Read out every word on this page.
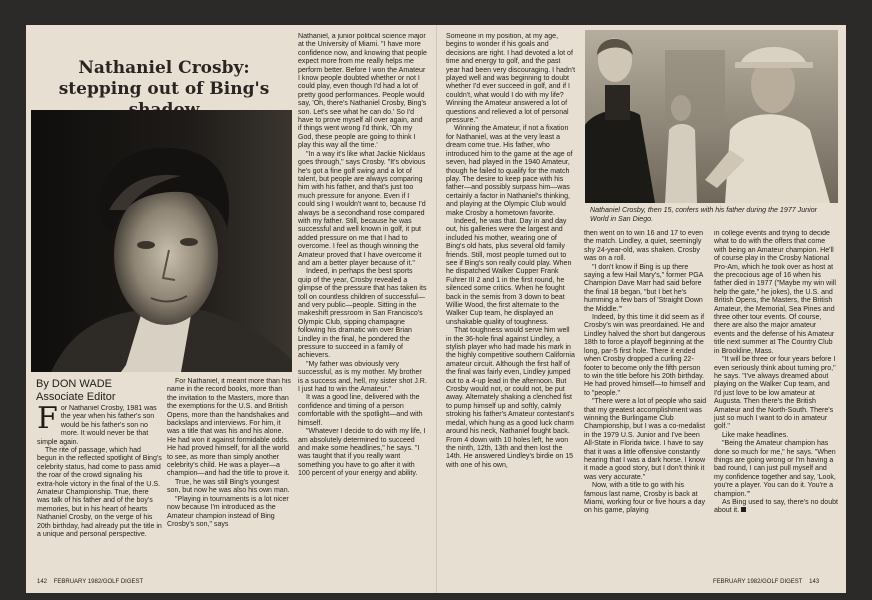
Nathaniel Crosby:
stepping out of Bing's
Nathaniel Crosby, then 15, confers with his father during the 1977 Junior World in San Diego.
By DON WADE
Associate Editor
F or Nathaniel Crosby, 1981 was the year when his father's son would be his father's son no more. It would never be that simple again.

The rite of passage, which had begun in the reflected spotlight of Bing's celebrity status, had come to pass amid the roar of the crowd signaling his extra-hole victory in the final of the U.S. Amateur Championship. True, there was talk of his father and of the boy's memories, but in his heart of hearts Nathaniel Crosby, on the verge of his 20th birthday, had already put the title in a unique and personal perspective.

For Nathaniel, it meant more than his name in the record books, more than the invitation to the Masters, more than the exemptions for the U.S. and British Opens, more than the handshakes and backslaps and interviews. For him, it was a title that was his and his alone. He had won it against formidable odds. He had proved himself, for all the world to see, as more than simply another celebrity's child. He was a player—a champion—and had the title to prove it.

True, he was still Bing's youngest son, but now he was also his own man.

"Playing in tournaments is a lot nicer now because I'm introduced as the Amateur champion instead of Bing Crosby's son," says

Nathaniel, a junior political science major at the University of Miami. "I have more confidence now, and knowing that people expect more from me really helps me perform better. Before I won the Amateur I know people doubted whether or not I could play, even though I'd had a lot of pretty good performances. People would say, 'Oh, there's Nathaniel Crosby, Bing's son. Let's see what he can do.' So I'd have to prove myself all over again, and if things went wrong I'd think, 'Oh my God, these people are going to think I play this way all the time.'

"In a way it's like what Jackie Nicklaus goes through," says Crosby. "It's obvious he's got a fine golf swing and a lot of talent, but people are always comparing him with his father, and that's just too much pressure for anyone. Even if I could sing I wouldn't want to, because I'd always be a secondhand rose compared with my father. Still, because he was successful and well known in golf, it put added pressure on me that I had to overcome. I feel as though winning the Amateur proved that I have overcome it and am a better player because of it."

Indeed, in perhaps the best sports quip of the year, Crosby revealed a glimpse of the pressure that has taken its toll on countless children of successful—and very public—people. Sitting in the makeshift pressroom in San Francisco's Olympic Club, sipping champagne following his dramatic win over Brian Lindley in the final, he pondered the pressure to succeed in a family of achievers.

"My father was obviously very successful, as is my mother. My brother is a success and, hell, my sister shot J.R. I just had to win the Amateur."

It was a good line, delivered with the confidence and timing of a person comfortable with the spotlight—and with himself.

"Whatever I decide to do with my life, I am absolutely determined to succeed and make some headlines," he says. "I was taught that if you really want something you have to go after it with 100 percent of your energy and ability.

Someone in my position, at my age, begins to wonder if his goals and decisions are right. I had devoted a lot of time and energy to golf, and the past year had been very discouraging. I hadn't played well and was beginning to doubt whether I'd ever succeed in golf, and if I couldn't, what would I do with my life? Winning the Amateur answered a lot of questions and relieved a lot of personal pressure."

Winning the Amateur, if not a fixation for Nathaniel, was at the very least a dream come true. His father, who introduced him to the game at the age of seven, had played in the 1940 Amateur, though he failed to qualify for the match play. The desire to keep pace with his father—and possibly surpass him—was certainly a factor in Nathaniel's thinking, and playing at the Olympic Club would make Crosby a hometown favorite.

Indeed, he was that. Day in and day out, his galleries were the largest and included his mother, wearing one of Bing's old hats, plus several old family friends. Still, most people turned out to see if Bing's son really could play. When he dispatched Walker Cupper Frank Fuhrer III 2 and 1 in the first round, he silenced some critics. When he fought back in the semis from 3 down to beat Willie Wood, the first alternate to the Walker Cup team, he displayed an unshakable quality of toughness.

That toughness would serve him well in the 36-hole final against Lindley, a stylish player who had made his mark in the highly competitive southern California amateur circuit. Although the first half of the final was fairly even, Lindley jumped out to a 4-up lead in the afternoon. But Crosby would not, or could not, be put away. Alternately shaking a clenched fist to pump himself up and softly, calmly stroking his father's Amateur contestant's medal, which hung as a good luck charm around his neck, Nathaniel fought back. From 4 down with 10 holes left, he won the ninth, 12th, 13th and then lost the 14th. He answered Lindley's birdie on 15 with one of his own,

then went on to win 16 and 17 to even the match. Lindley, a quiet, seemingly shy 24-year-old, was shaken. Crosby was on a roll.

"I don't know if Bing is up there saying a few Hail Mary's," former PGA Champion Dave Marr had said before the final 18 began, "but I bet he's humming a few bars of 'Straight Down the Middle.'"

Indeed, by this time it did seem as if Crosby's win was preordained. He and Lindley halved the short but dangerous 18th to force a playoff beginning at the long, par-5 first hole. There it ended when Crosby dropped a curling 22-footer to become only the fifth person to win the title before his 20th birthday. He had proved himself—to himself and to "people."

"There were a lot of people who said that my greatest accomplishment was winning the Burlingame Club Championship, but I was a co-medalist in the 1979 U.S. Junior and I've been All-State in Florida twice. I have to say that it was a little offensive constantly hearing that I was a dark horse. I know it made a good story, but I don't think it was very accurate."

Now, with a title to go with his famous last name, Crosby is back at Miami, working four or five hours a day on his game, playing

in college events and trying to decide what to do with the offers that come with being an Amateur champion. He'll of course play in the Crosby National Pro-Am, which he took over as host at the precocious age of 16 when his father died in 1977 ("Maybe my win will help the gate," he jokes), the U.S. and British Opens, the Masters, the British Amateur, the Memorial, Sea Pines and three other tour events. Of course, there are also the major amateur events and the defense of his Amateur title next summer at The Country Club in Brookline, Mass.

"It will be three or four years before I even seriously think about turning pro," he says. "I've always dreamed about playing on the Walker Cup team, and I'd just love to be low amateur at Augusta. Then there's the British Amateur and the North-South. There's just so much I want to do in amateur golf."

Like make headlines.

"Being the Amateur champion has done so much for me," he says. "When things are going wrong or I'm having a bad round, I can just pull myself and my confidence together and say, 'Look, you're a player. You can do it. You're a champion.'"

As Bing used to say, there's no doubt about it.

142 FEBRUARY 1982/GOLF DIGEST	FEBRUARY 1982/GOLF DIGEST 143
